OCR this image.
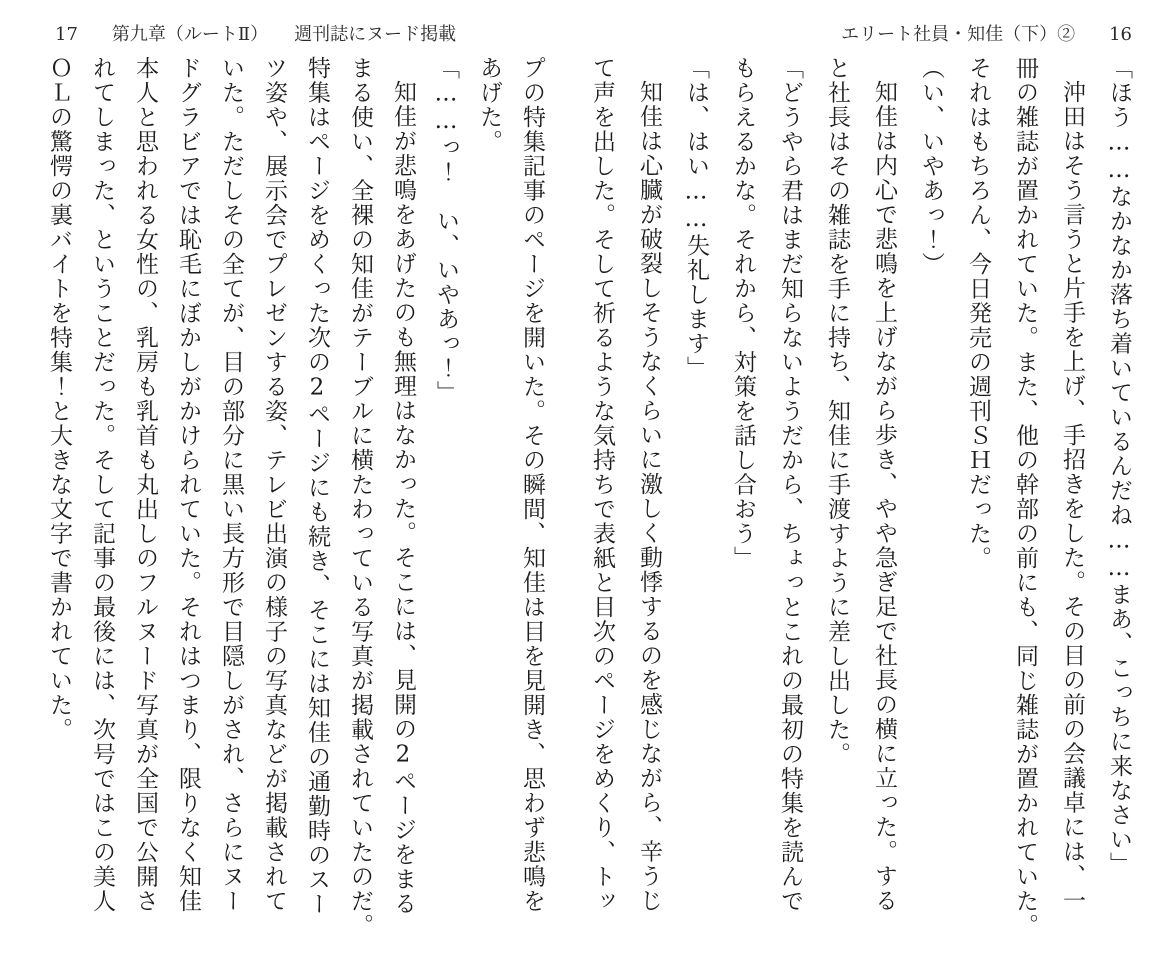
17 第九章（ルートⅡ） 週刊誌にヌード掲載	エリート社員・知佳（下）② 16
プの特集記事のページを開いた。その瞬間、知佳は目を見開き、思わず悲鳴を
あげた。
「……っ！　い、いやあっ！」
知佳が悲鳴をあげたのも無理はなかった。そこには、見開の2ページをまる
まる使い、全裸の知佳がテーブルに横たわっている写真が掲載されていたのだ。
特集はページをめくった次の2ページにも続き、そこには知佳の通勤時のスー
ツ姿や、展示会でプレゼンする姿、テレビ出演の様子の写真などが掲載されて
いた。ただしその全てが、目の部分に黒い長方形で目隠しがされ、さらにヌー
ドグラビアでは恥毛にぼかしがかけられていた。それはつまり、限りなく知佳
本人と思われる女性の、乳房も乳首も丸出しのフルヌード写真が全国で公開さ
れてしまった、ということだった。そして記事の最後には、次号ではこの美人
ＯＬの驚愕の裏バイトを特集！と大きな文字で書かれていた。	「ほう……なかなか落ち着いているんだね……まあ、こっちに来なさい」
沖田はそう言うと片手を上げ、手招きをした。その目の前の会議卓には、一
冊の雑誌が置かれていた。また、他の幹部の前にも、同じ雑誌が置かれていた。
それはもちろん、今日発売の週刊ＳＨだった。
（い、いやあっ！）
知佳は内心で悲鳴を上げながら歩き、やや急ぎ足で社長の横に立った。する
と社長はその雑誌を手に持ち、知佳に手渡すように差し出した。
「どうやら君はまだ知らないようだから、ちょっとこれの最初の特集を読んで
もらえるかな。それから、対策を話し合おう」
「は、はい……失礼します」
知佳は心臓が破裂しそうなくらいに激しく動悸するのを感じながら、辛うじ
て声を出した。そして祈るような気持ちで表紙と目次のページをめくり、トッ
